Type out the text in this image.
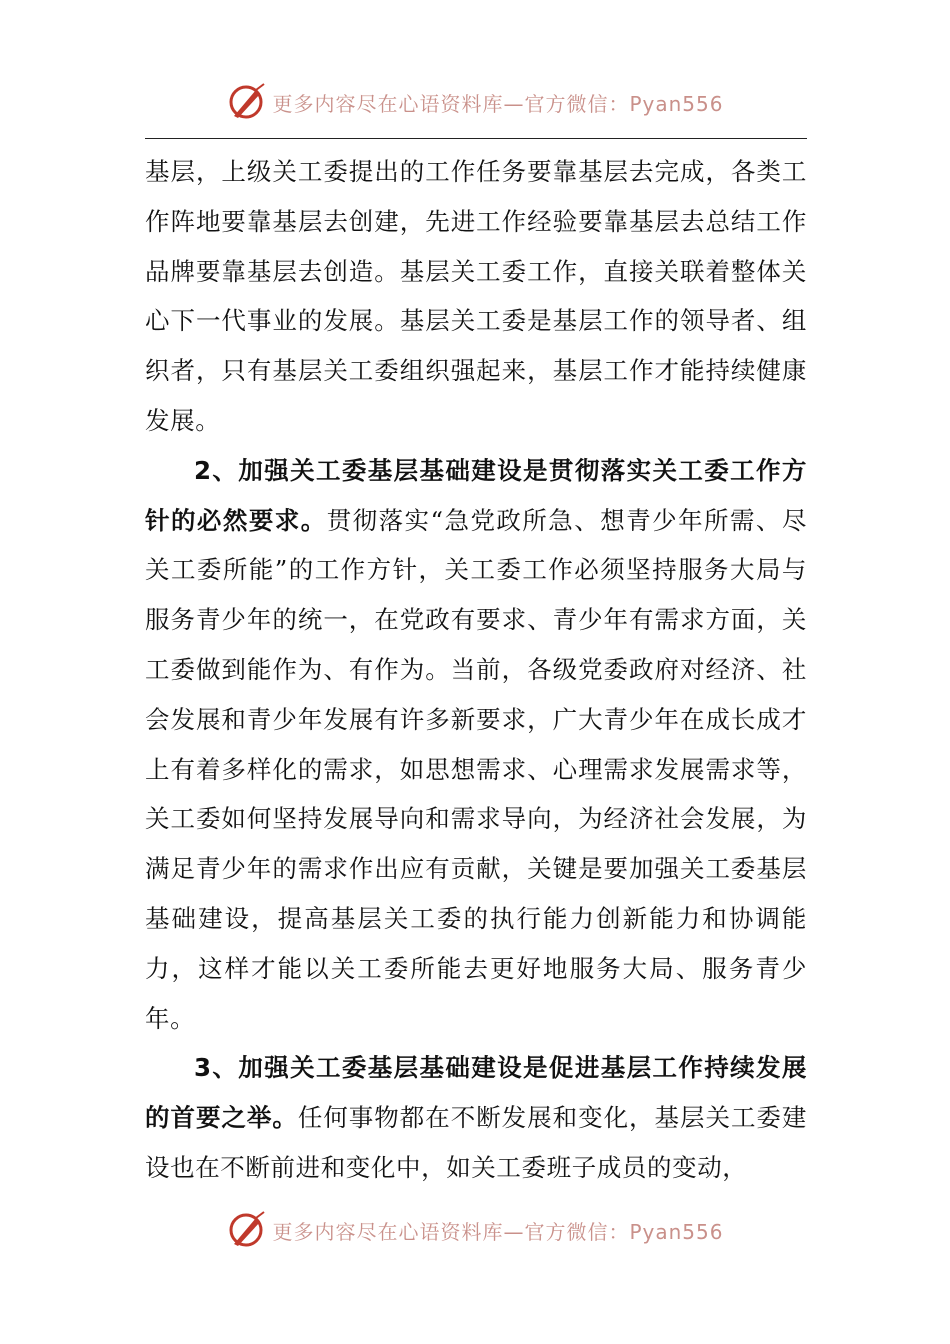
更多内容尽在心语资料库—官方微信：Pyan556

基层，上级关工委提出的工作任务要靠基层去完成，各类工作阵地要靠基层去创建，先进工作经验要靠基层去总结工作品牌要靠基层去创造。基层关工委工作，直接关联着整体关心下一代事业的发展。基层关工委是基层工作的领导者、组织者，只有基层关工委组织强起来，基层工作才能持续健康发展。

2、加强关工委基层基础建设是贯彻落实关工委工作方针的必然要求。贯彻落实“急党政所急、想青少年所需、尽关工委所能”的工作方针，关工委工作必须坚持服务大局与服务青少年的统一，在党政有要求、青少年有需求方面，关工委做到能作为、有作为。当前，各级党委政府对经济、社会发展和青少年发展有许多新要求，广大青少年在成长成才上有着多样化的需求，如思想需求、心理需求发展需求等，关工委如何坚持发展导向和需求导向，为经济社会发展，为满足青少年的需求作出应有贡献，关键是要加强关工委基层基础建设，提高基层关工委的执行能力创新能力和协调能力，这样才能以关工委所能去更好地服务大局、服务青少年。

3、加强关工委基层基础建设是促进基层工作持续发展的首要之举。任何事物都在不断发展和变化，基层关工委建设也在不断前进和变化中，如关工委班子成员的变动，

更多内容尽在心语资料库—官方微信：Pyan556
